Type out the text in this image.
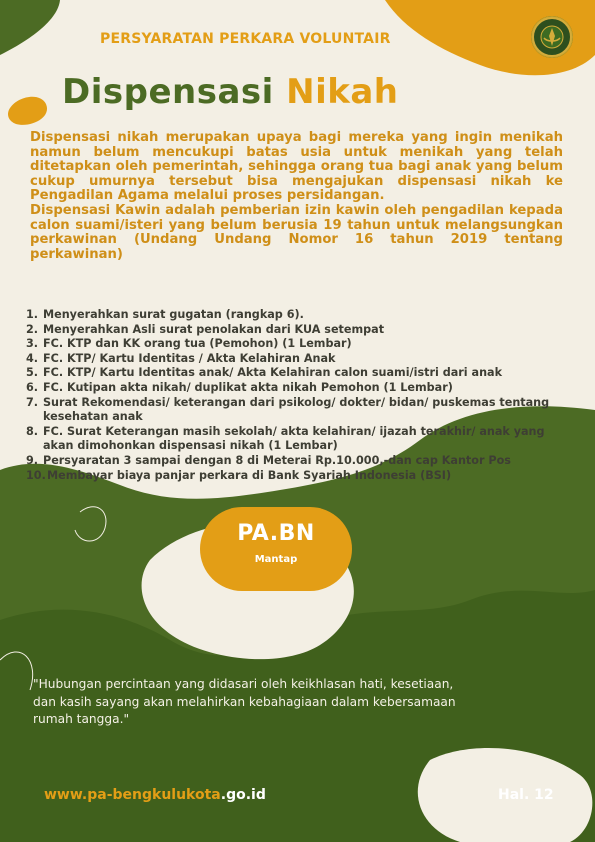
PERSYARATAN PERKARA VOLUNTAIR
Dispensasi Nikah

Dispensasi nikah merupakan upaya bagi mereka yang ingin menikah namun belum mencukupi batas usia untuk menikah yang telah ditetapkan oleh pemerintah, sehingga orang tua bagi anak yang belum cukup umurnya tersebut bisa mengajukan dispensasi nikah ke Pengadilan Agama melalui proses persidangan.

Dispensasi Kawin adalah pemberian izin kawin oleh pengadilan kepada calon suami/isteri yang belum berusia 19 tahun untuk melangsungkan perkawinan (Undang Undang Nomor 16 tahun 2019 tentang perkawinan)

1. Menyerahkan surat gugatan (rangkap 6).
2. Menyerahkan Asli surat penolakan dari KUA setempat
3. FC. KTP dan KK orang tua (Pemohon) (1 Lembar)
4. FC. KTP/ Kartu Identitas / Akta Kelahiran Anak
5. FC. KTP/ Kartu Identitas anak/ Akta Kelahiran calon suami/istri dari anak
6. FC. Kutipan akta nikah/ duplikat akta nikah Pemohon (1 Lembar)
7. Surat Rekomendasi/ keterangan dari psikolog/ dokter/ bidan/ puskemas tentang kesehatan anak
8. FC. Surat Keterangan masih sekolah/ akta kelahiran/ ijazah terakhir/ anak yang akan dimohonkan dispensasi nikah (1 Lembar)
9. Persyaratan 3 sampai dengan 8 di Meterai Rp.10.000,-dan cap Kantor Pos
10. Membayar biaya panjar perkara di Bank Syariah Indonesia (BSI)
PA.BN
Mantap
"Hubungan percintaan yang didasari oleh keikhlasan hati, kesetiaan, dan kasih sayang akan melahirkan kebahagiaan dalam kebersamaan rumah tangga."
www.pa-bengkulukota.go.id	Hal. 12
